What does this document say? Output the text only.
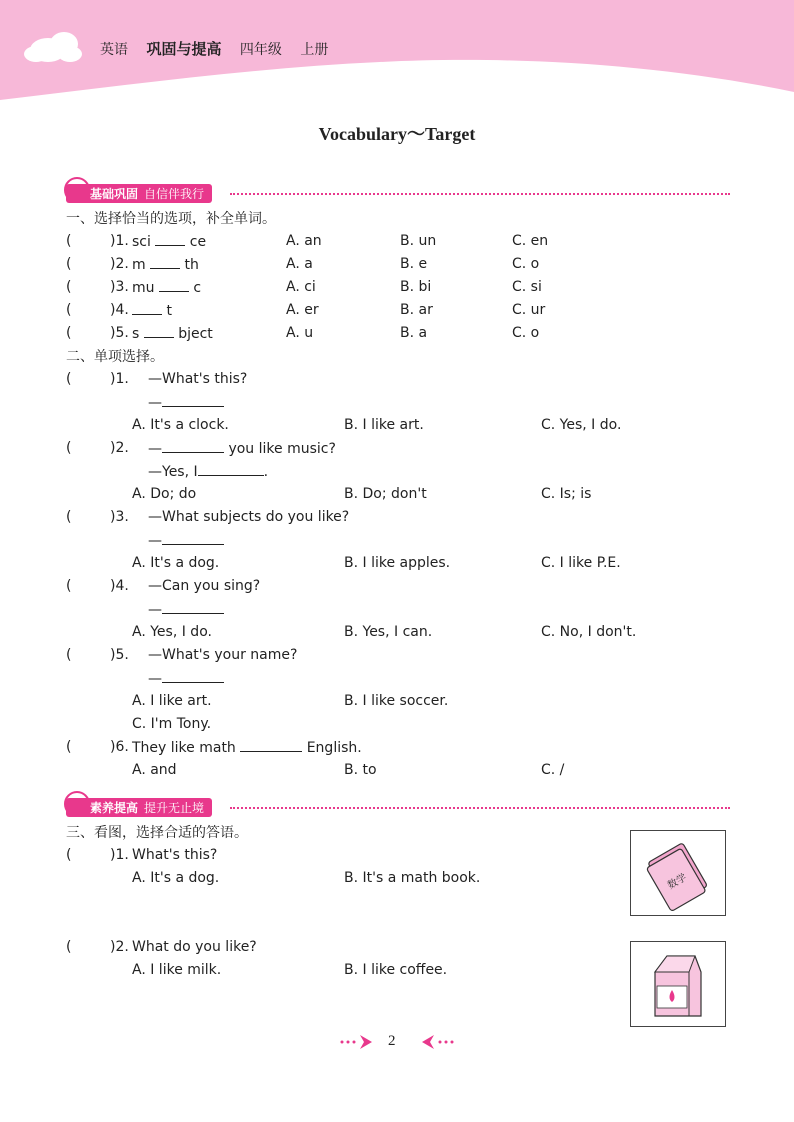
英语 巩固与提高 四年级 上册
Vocabulary～Target
基础巩固 自信伴我行
一、选择恰当的选项，补全单词。
(	)1. sci  ce	A. an	B. un	C. en
(	)2. m  th	A. a	B. e	C. o
(	)3. mu  c	A. ci	B. bi	C. si
(	)4.	t	A. er	B. ar	C. ur
(	)5. s  bject	A. u	B. a	C. o
二、单项选择。
(	)1. —What's this?
—
A. It's a clock.	B. I like art.	C. Yes, I do.
(	)2. —	you like music?
—Yes, I	.
A. Do; do	B. Do; don't	C. Is; is
(	)3. —What subjects do you like?
—
A. It's a dog.	B. I like apples.	C. I like P.E.
(	)4. —Can you sing?
—
A. Yes, I do.	B. Yes, I can.	C. No, I don't.
(	)5. —What's your name?
—
A. I like art.	B. I like soccer.
C. I'm Tony.
(	)6. They like math	English.
A. and	B. to	C. /
素养提高 提升无止境
三、看图，选择合适的答语。
(	)1. What's this?
A. It's a dog.	B. It's a math book.	数学
(	)2. What do you like?
A. I like milk.	B. I like coffee.
2
